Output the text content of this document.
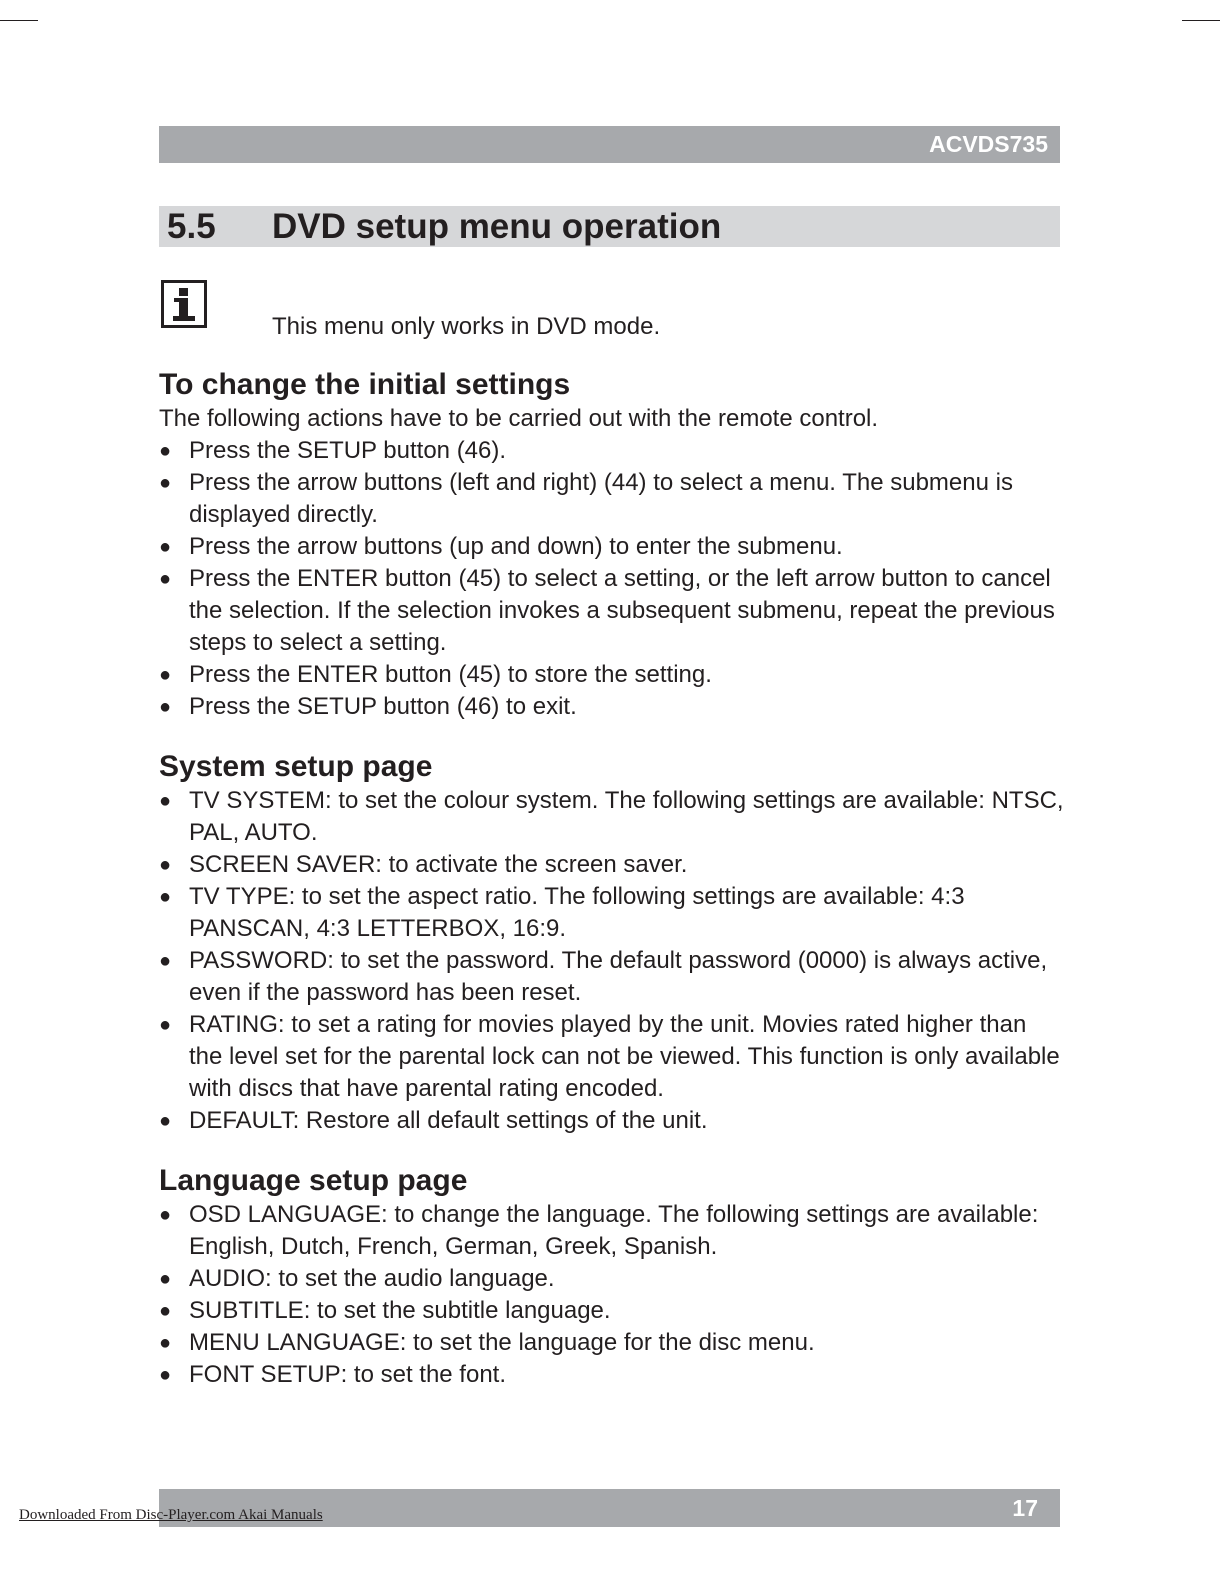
ACVDS735
5.5 DVD setup menu operation
This menu only works in DVD mode.
To change the initial settings

The following actions have to be carried out with the remote control.

● Press the SETUP button (46).
● Press the arrow buttons (left and right) (44) to select a menu. The submenu is displayed directly.
● Press the arrow buttons (up and down) to enter the submenu.
● Press the ENTER button (45) to select a setting, or the left arrow button to cancel the selection. If the selection invokes a subsequent submenu, repeat the previous steps to select a setting.
● Press the ENTER button (45) to store the setting.
● Press the SETUP button (46) to exit.
System setup page
● TV SYSTEM: to set the colour system. The following settings are available: NTSC, PAL, AUTO.
● SCREEN SAVER: to activate the screen saver.
● TV TYPE: to set the aspect ratio. The following settings are available: 4:3 PANSCAN, 4:3 LETTERBOX, 16:9.
● PASSWORD: to set the password. The default password (0000) is always active, even if the password has been reset.
● RATING: to set a rating for movies played by the unit. Movies rated higher than the level set for the parental lock can not be viewed. This function is only available with discs that have parental rating encoded.
● DEFAULT: Restore all default settings of the unit.
Language setup page
● OSD LANGUAGE: to change the language. The following settings are available: English, Dutch, French, German, Greek, Spanish.
● AUDIO: to set the audio language.
● SUBTITLE: to set the subtitle language.
● MENU LANGUAGE: to set the language for the disc menu.
● FONT SETUP: to set the font.
17
Downloaded From Disc-Player.com Akai Manuals
